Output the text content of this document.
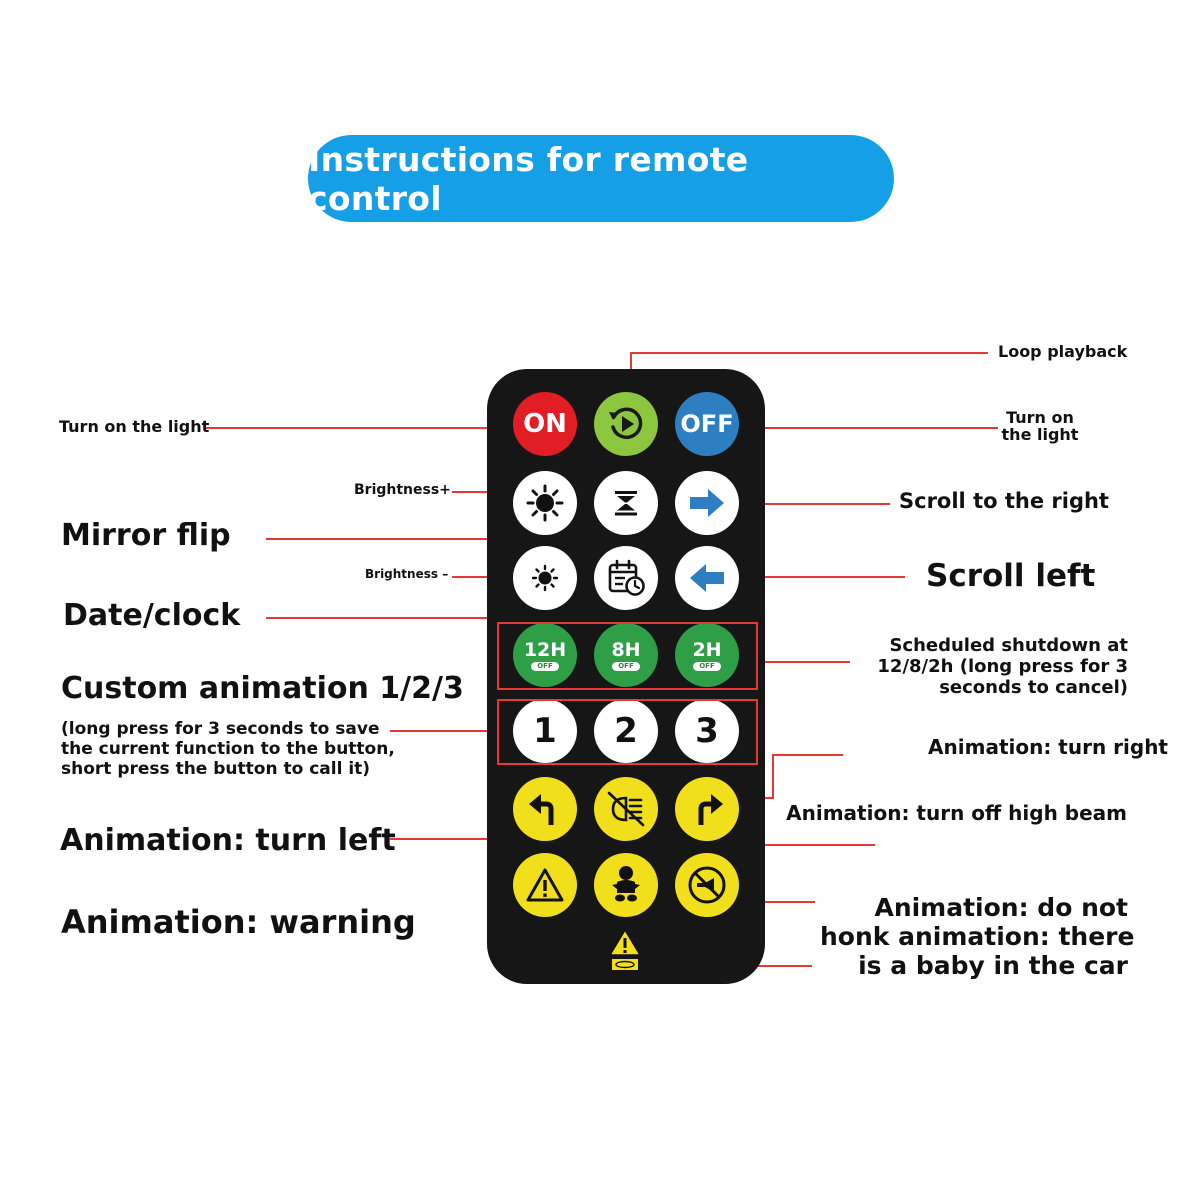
Instructions for remote control
ON	OFF
12H
OFF
8H
OFF
2H
OFF
1 2 3
Loop playback
Turn on the light	Turn on
the light
Brightness+
Brightness –
Mirror flip
Scroll to the right
Scroll left
Date/clock
Scheduled shutdown at
12/8/2h (long press for 3
seconds to cancel)
Custom animation 1/2/3
(long press for 3 seconds to save
the current function to the button,
short press the button to call it)
Animation: turn right
Animation: turn off high beam
Animation: turn left
Animation: warning	Animation: do not
honk animation: there
is a baby in the car
